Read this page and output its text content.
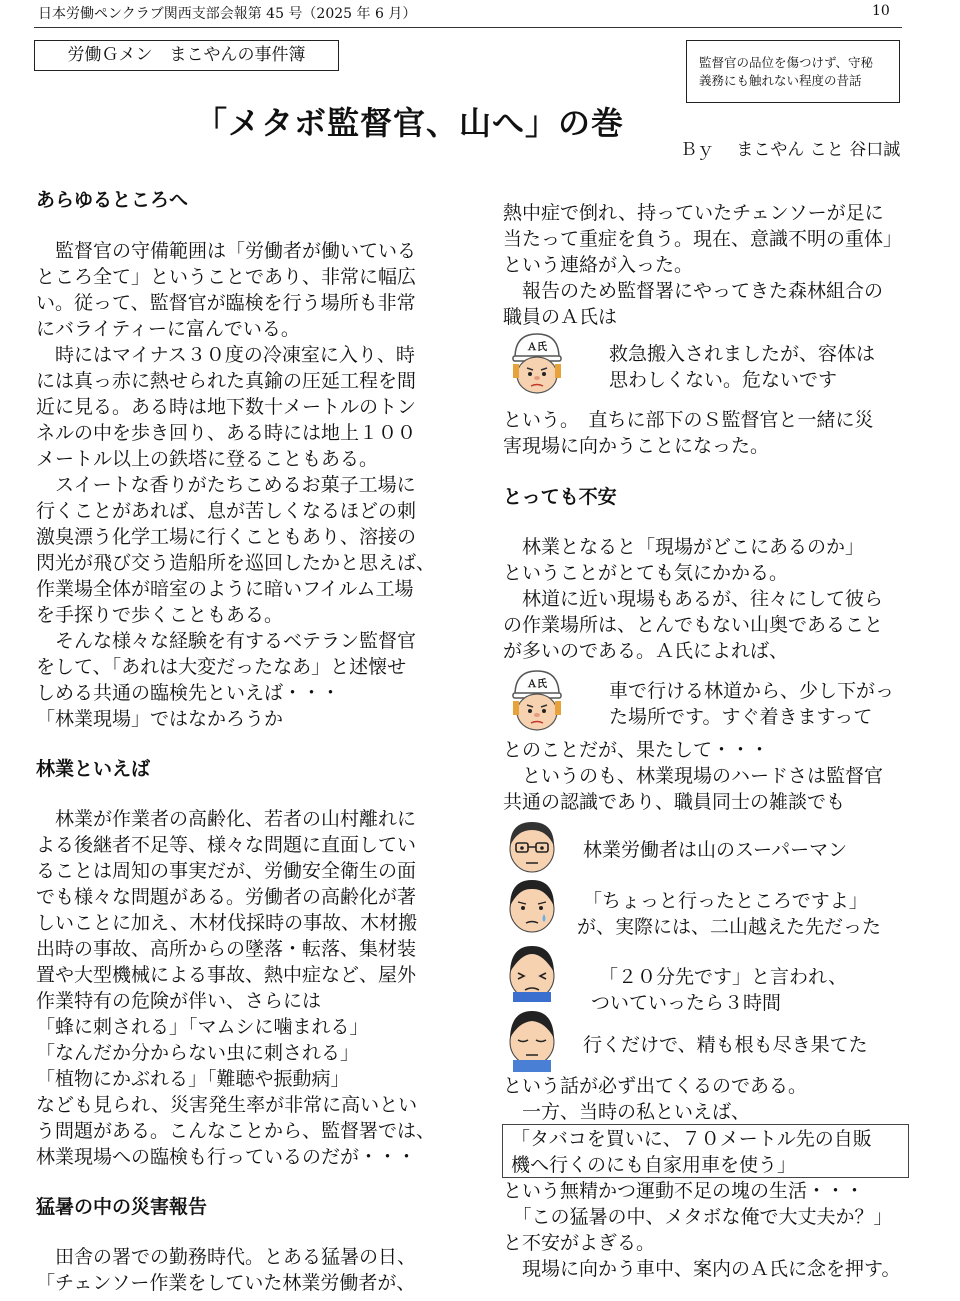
日本労働ペンクラブ関西支部会報第 45 号（2025 年 6 月）	10
労働Ｇメン　まこやんの事件簿	監督官の品位を傷つけず、守秘
義務にも触れない程度の昔話
「メタボ監督官、山へ」の巻
Ｂｙ　 まこやん こと 谷口誠
あらゆるところへ
　監督官の守備範囲は「労働者が働いている
ところ全て」ということであり、非常に幅広
い。従って、監督官が臨検を行う場所も非常
にバライティーに富んでいる。
　時にはマイナス３０度の冷凍室に入り、時
には真っ赤に熱せられた真鍮の圧延工程を間
近に見る。ある時は地下数十メートルのトン
ネルの中を歩き回り、ある時には地上１００
メートル以上の鉄塔に登ることもある。
　スイートな香りがたちこめるお菓子工場に
行くことがあれば、息が苦しくなるほどの刺
激臭漂う化学工場に行くこともあり、溶接の
閃光が飛び交う造船所を巡回したかと思えば、
作業場全体が暗室のように暗いフイルム工場
を手探りで歩くこともある。
　そんな様々な経験を有するベテラン監督官
をして、「あれは大変だったなあ」と述懐せ
しめる共通の臨検先といえば・・・
「林業現場」ではなかろうか
林業といえば
　林業が作業者の高齢化、若者の山村離れに
よる後継者不足等、様々な問題に直面してい
ることは周知の事実だが、労働安全衛生の面
でも様々な問題がある。労働者の高齢化が著
しいことに加え、木材伐採時の事故、木材搬
出時の事故、高所からの墜落・転落、集材装
置や大型機械による事故、熱中症など、屋外
作業特有の危険が伴い、さらには
「蜂に刺される」「マムシに噛まれる」
「なんだか分からない虫に刺される」
「植物にかぶれる」「難聴や振動病」
なども見られ、災害発生率が非常に高いとい
う問題がある。こんなことから、監督署では、
林業現場への臨検も行っているのだが・・・
猛暑の中の災害報告
　田舎の署での勤務時代。とある猛暑の日、
「チェンソー作業をしていた林業労働者が、
熱中症で倒れ、持っていたチェンソーが足に
当たって重症を負う。現在、意識不明の重体」
という連絡が入った。
　報告のため監督署にやってきた森林組合の
職員のＡ氏は
救急搬入されましたが、容体は
思わしくない。危ないです
という。　直ちに部下のＳ監督官と一緒に災
害現場に向かうことになった。
とっても不安
　林業となると「現場がどこにあるのか」
ということがとても気にかかる。
　林道に近い現場もあるが、往々にして彼ら
の作業場所は、とんでもない山奥であること
が多いのである。Ａ氏によれば、
車で行ける林道から、少し下がっ
た場所です。すぐ着きますって
とのことだが、果たして・・・
　というのも、林業現場のハードさは監督官
共通の認識であり、職員同士の雑談でも
林業労働者は山のスーパーマン
「ちょっと行ったところですよ」
が、実際には、二山越えた先だった
「２０分先です」と言われ、
ついていったら３時間
行くだけで、精も根も尽き果てた
という話が必ず出てくるのである。
　一方、当時の私といえば、
「タバコを買いに、７０メートル先の自販
機へ行くのにも自家用車を使う」
という無精かつ運動不足の塊の生活・・・
　「この猛暑の中、メタボな俺で大丈夫か？」
と不安がよぎる。
　現場に向かう車中、案内のＡ氏に念を押す。
Ａ氏
Ａ氏
